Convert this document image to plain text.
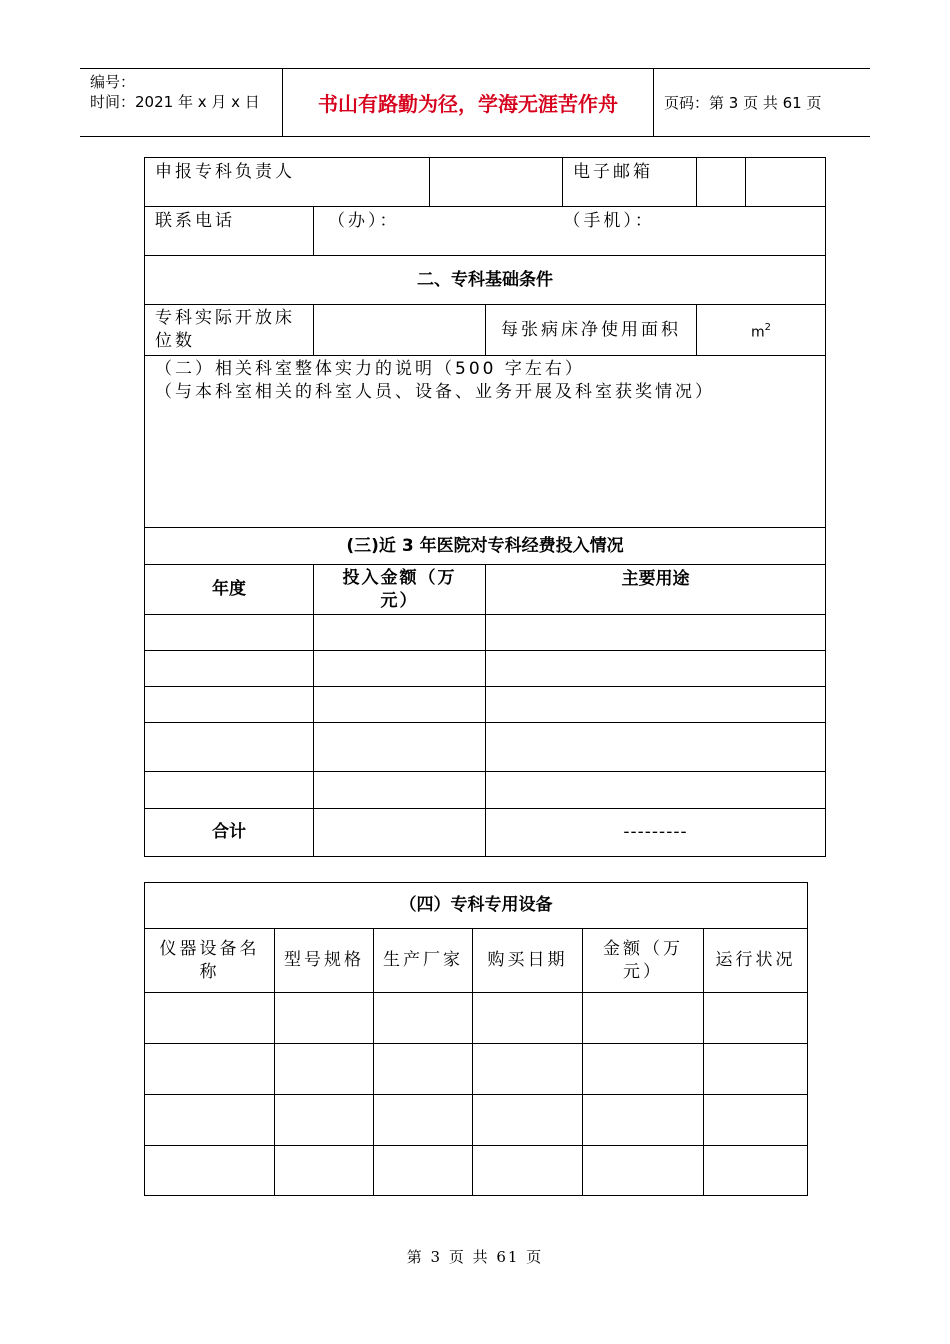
编号：
时间：2021 年 x 月 x 日	书山有路勤为径，学海无涯苦作舟	页码：第 3 页 共 61 页
申报专科负责人				电子邮箱		
联系电话	（办）： （手机）：					
二、专科基础条件						
专科实际开放床位数			每张病床净使用面积		$m^2$

（二）相关科室整体实力的说明（500 字左右）
（与本科室相关的科室人员、设备、业务开展及科室获奖情况）						

(三)近 3 年医院对专科经费投入情况						
年度	投入金额（万元）		主要用途			

合计			---------			
（四）专科专用设备					
仪器设备名称	型号规格	生产厂家	购买日期	金额（万元）	运行状况

第 3 页 共 61 页
